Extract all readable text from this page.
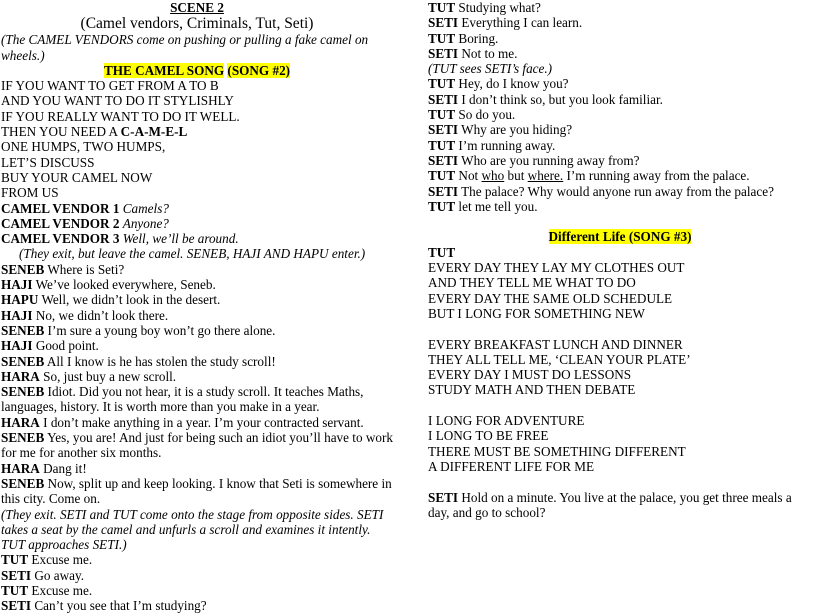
SCENE 2
(Camel vendors, Criminals, Tut, Seti)
(The CAMEL VENDORS come on pushing or pulling a fake camel on wheels.)
THE CAMEL SONG (SONG #2)
IF YOU WANT TO GET FROM A TO B
AND YOU WANT TO DO IT STYLISHLY
IF YOU REALLY WANT TO DO IT WELL.
THEN YOU NEED A C-A-M-E-L
ONE HUMPS, TWO HUMPS,
LET’S DISCUSS
BUY YOUR CAMEL NOW
FROM US
CAMEL VENDOR 1 Camels?
CAMEL VENDOR 2 Anyone?
CAMEL VENDOR 3 Well, we’ll be around.
(They exit, but leave the camel. SENEB, HAJI AND HAPU enter.)
SENEB Where is Seti?
HAJI We’ve looked everywhere, Seneb.
HAPU Well, we didn’t look in the desert.
HAJI No, we didn’t look there.
SENEB I’m sure a young boy won’t go there alone.
HAJI Good point.
SENEB All I know is he has stolen the study scroll!
HARA So, just buy a new scroll.
SENEB Idiot. Did you not hear, it is a study scroll. It teaches Maths, languages, history. It is worth more than you make in a year.
HARA I don’t make anything in a year. I’m your contracted servant.
SENEB Yes, you are! And just for being such an idiot you’ll have to work for me for another six months.
HARA Dang it!
SENEB Now, split up and keep looking. I know that Seti is somewhere in this city. Come on.
(They exit. SETI and TUT come onto the stage from opposite sides. SETI takes a seat by the camel and unfurls a scroll and examines it intently. TUT approaches SETI.)
TUT Excuse me.
SETI Go away.
TUT Excuse me.
SETI Can’t you see that I’m studying?
TUT Studying what?
SETI Everything I can learn.
TUT Boring.
SETI Not to me.
(TUT sees SETI’s face.)
TUT Hey, do I know you?
SETI I don’t think so, but you look familiar.
TUT So do you.
SETI Why are you hiding?
TUT I’m running away.
SETI Who are you running away from?
TUT Not who but where. I’m running away from the palace.
SETI The palace? Why would anyone run away from the palace?
TUT let me tell you.
Different Life (SONG #3)
TUT
EVERY DAY THEY LAY MY CLOTHES OUT
AND THEY TELL ME WHAT TO DO
EVERY DAY THE SAME OLD SCHEDULE
BUT I LONG FOR SOMETHING NEW
EVERY BREAKFAST LUNCH AND DINNER
THEY ALL TELL ME, ‘CLEAN YOUR PLATE’
EVERY DAY I MUST DO LESSONS
STUDY MATH AND THEN DEBATE
I LONG FOR ADVENTURE
I LONG TO BE FREE
THERE MUST BE SOMETHING DIFFERENT
A DIFFERENT LIFE FOR ME
SETI Hold on a minute. You live at the palace, you get three meals a day, and go to school?
